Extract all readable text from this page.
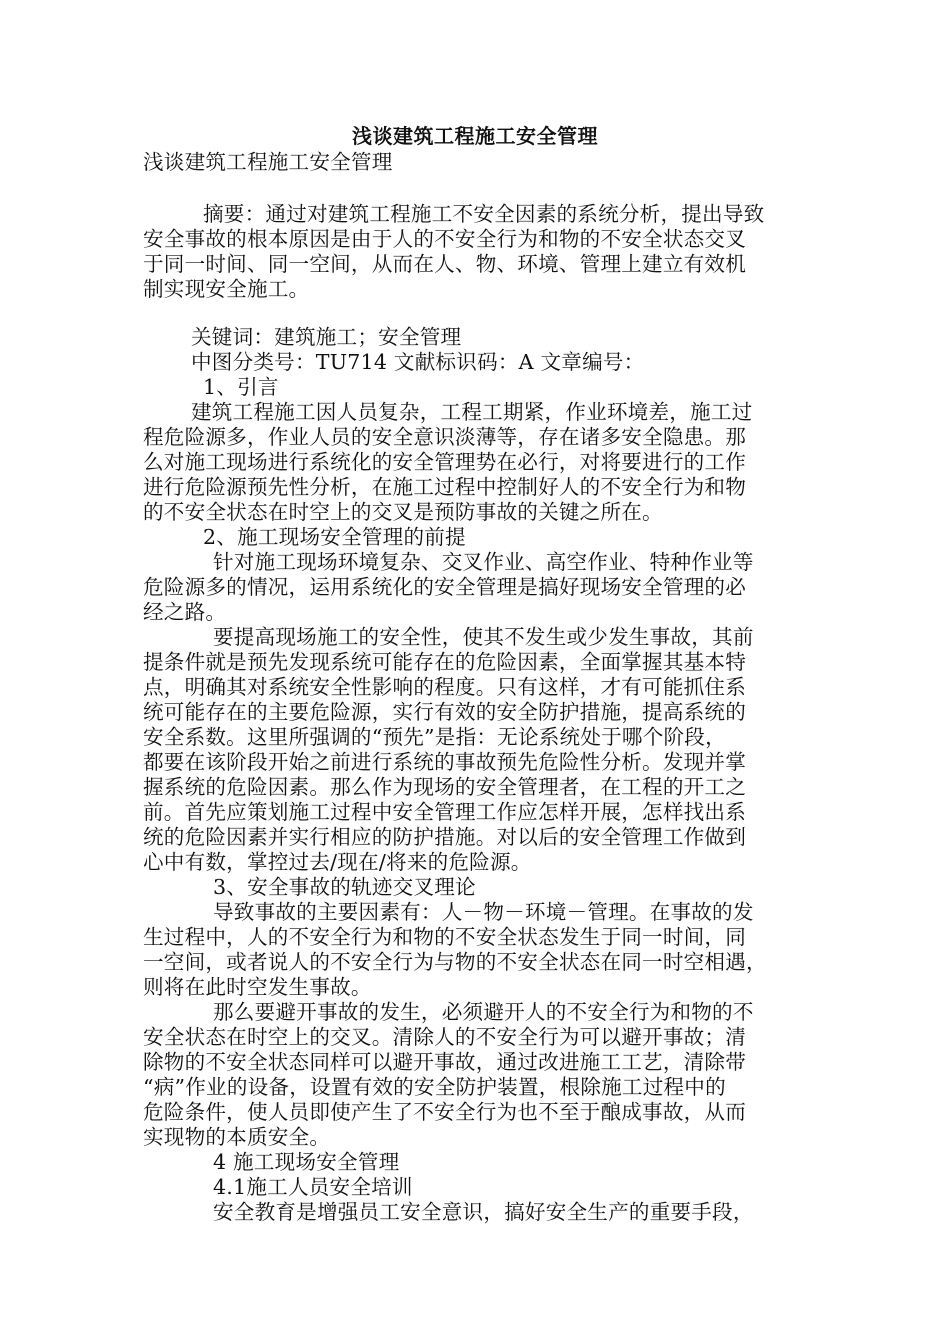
浅谈建筑工程施工安全管理
浅谈建筑工程施工安全管理
摘要：通过对建筑工程施工不安全因素的系统分析，提出导致
安全事故的根本原因是由于人的不安全行为和物的不安全状态交叉
于同一时间、同一空间，从而在人、物、环境、管理上建立有效机
制实现安全施工。
关键词：建筑施工；安全管理
中图分类号：TU714 文献标识码：A 文章编号：
1、引言
建筑工程施工因人员复杂，工程工期紧，作业环境差，施工过
程危险源多，作业人员的安全意识淡薄等，存在诸多安全隐患。那
么对施工现场进行系统化的安全管理势在必行，对将要进行的工作
进行危险源预先性分析，在施工过程中控制好人的不安全行为和物
的不安全状态在时空上的交叉是预防事故的关键之所在。
2、施工现场安全管理的前提
针对施工现场环境复杂、交叉作业、高空作业、特种作业等
危险源多的情况，运用系统化的安全管理是搞好现场安全管理的必
经之路。
要提高现场施工的安全性，使其不发生或少发生事故，其前
提条件就是预先发现系统可能存在的危险因素，全面掌握其基本特
点，明确其对系统安全性影响的程度。只有这样，才有可能抓住系
统可能存在的主要危险源，实行有效的安全防护措施，提高系统的
安全系数。这里所强调的“预先”是指：无论系统处于哪个阶段，
都要在该阶段开始之前进行系统的事故预先危险性分析。发现并掌
握系统的危险因素。那么作为现场的安全管理者，在工程的开工之
前。首先应策划施工过程中安全管理工作应怎样开展，怎样找出系
统的危险因素并实行相应的防护措施。对以后的安全管理工作做到
心中有数，掌控过去/现在/将来的危险源。
3、安全事故的轨迹交叉理论
导致事故的主要因素有：人－物－环境－管理。在事故的发
生过程中，人的不安全行为和物的不安全状态发生于同一时间，同
一空间，或者说人的不安全行为与物的不安全状态在同一时空相遇，
则将在此时空发生事故。
那么要避开事故的发生，必须避开人的不安全行为和物的不
安全状态在时空上的交叉。清除人的不安全行为可以避开事故；清
除物的不安全状态同样可以避开事故，通过改进施工工艺，清除带
“病”作业的设备，设置有效的安全防护装置，根除施工过程中的
危险条件，使人员即使产生了不安全行为也不至于酿成事故，从而
实现物的本质安全。
4 施工现场安全管理
4.1施工人员安全培训
安全教育是增强员工安全意识，搞好安全生产的重要手段，
